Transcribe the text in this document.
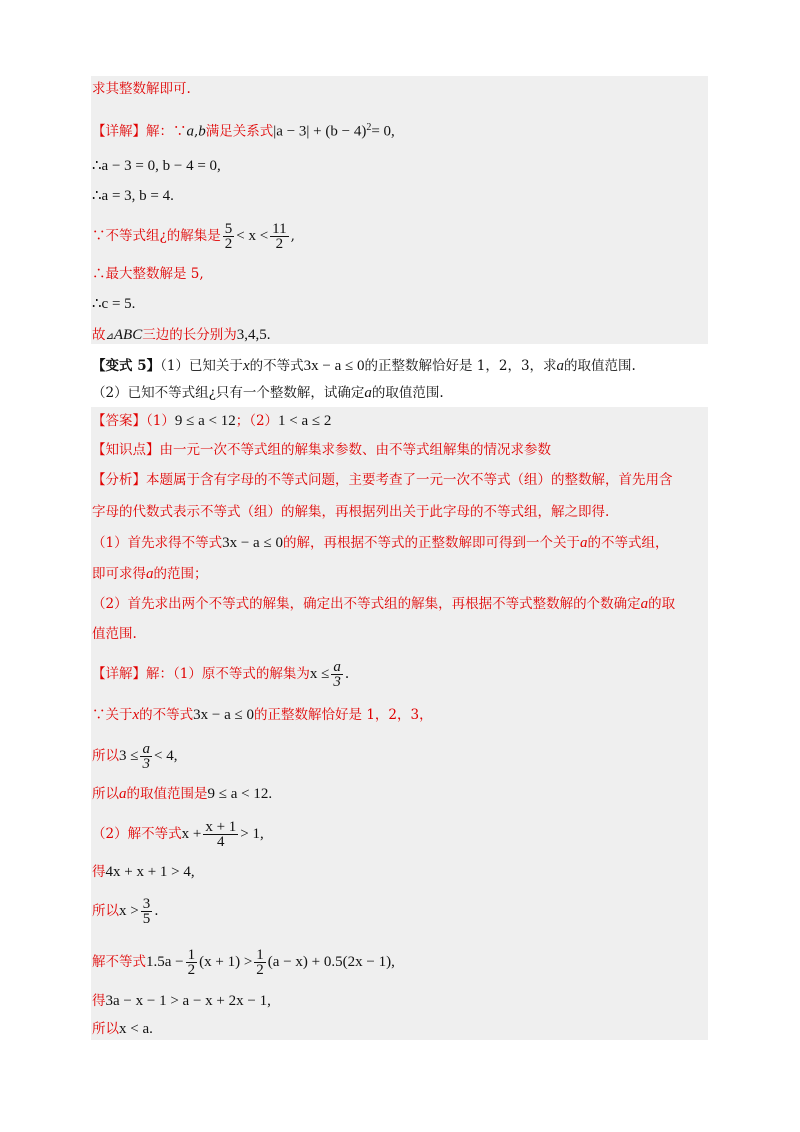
求其整数解即可.
【详解】解：∵a,b满足关系式$|a - 3| + (b - 4)^2= 0$,
∴a − 3 = 0, b − 4 = 0,
∴a = 3, b = 4.
∵不等式组¿的解集是 $\frac{5}{2} < x < \frac{11}{2}$ ,
∴最大整数解是 5,
∴c = 5.
故⊿ABC三边的长分别为3,4,5.
【变式 5】（1）已知关于x的不等式3x − a ≤ 0的正整数解恰好是 1，2，3，求a的取值范围.
（2）已知不等式组¿只有一个整数解，试确定a的取值范围.
【答案】（1）9 ≤ a < 12；（2）1 < a ≤ 2
【知识点】由一元一次不等式组的解集求参数、由不等式组解集的情况求参数
【分析】本题属于含有字母的不等式问题，主要考查了一元一次不等式（组）的整数解，首先用含
字母的代数式表示不等式（组）的解集，再根据列出关于此字母的不等式组，解之即得.
（1）首先求得不等式3x − a ≤ 0的解，再根据不等式的正整数解即可得到一个关于a的不等式组，
即可求得a的范围；
（2）首先求出两个不等式的解集，确定出不等式组的解集，再根据不等式整数解的个数确定a的取
值范围.
【详解】解：（1）原不等式的解集为$x \le \frac{a}{3}$ .
∵关于x的不等式3x − a ≤ 0的正整数解恰好是 1，2，3，
所以$3 \le \frac{a}{3} < 4$,
所以a的取值范围是9 ≤ a < 12.
（2）解不等式$x + \frac{x + 1}{4} > 1$,
得4x + x + 1 > 4,
所以$x > \frac{3}{5}$ .
解不等式$1.5a - \frac{1}{2} (x + 1) > \frac{1}{2} (a - x) + 0.5(2x - 1)$,
得3a − x − 1 > a − x + 2x − 1,
所以x < a.
